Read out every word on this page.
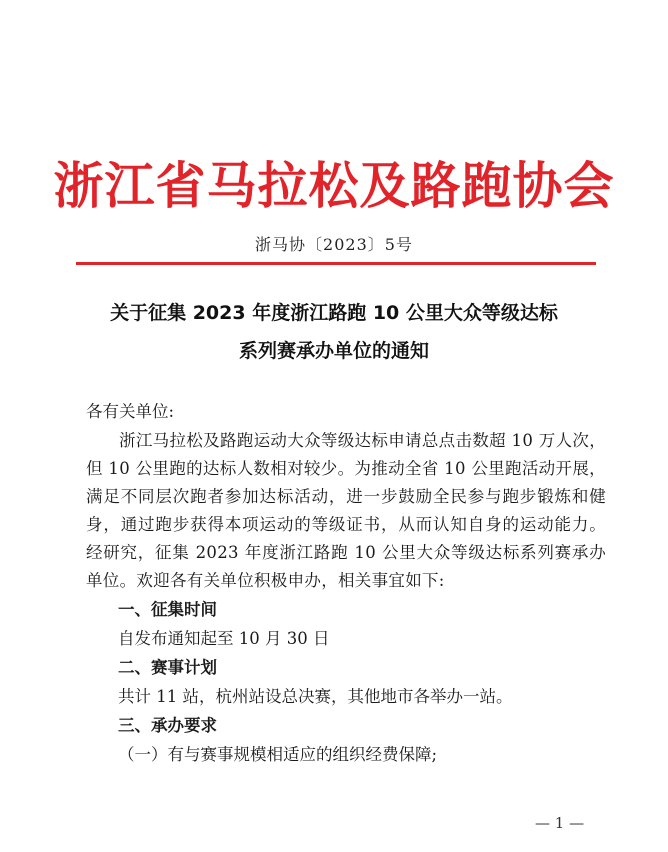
浙江省马拉松及路跑协会
浙马协〔2023〕5号
关于征集 2023 年度浙江路跑 10 公里大众等级达标
系列赛承办单位的通知
各有关单位:
浙江马拉松及路跑运动大众等级达标申请总点击数超 10 万人次，但 10 公里跑的达标人数相对较少。为推动全省 10 公里跑活动开展，满足不同层次跑者参加达标活动，进一步鼓励全民参与跑步锻炼和健身，通过跑步获得本项运动的等级证书，从而认知自身的运动能力。经研究，征集 2023 年度浙江路跑 10 公里大众等级达标系列赛承办单位。欢迎各有关单位积极申办，相关事宜如下:
一、征集时间
自发布通知起至 10 月 30 日
二、赛事计划
共计 11 站，杭州站设总决赛，其他地市各举办一站。
三、承办要求
（一）有与赛事规模相适应的组织经费保障;
— 1 —
